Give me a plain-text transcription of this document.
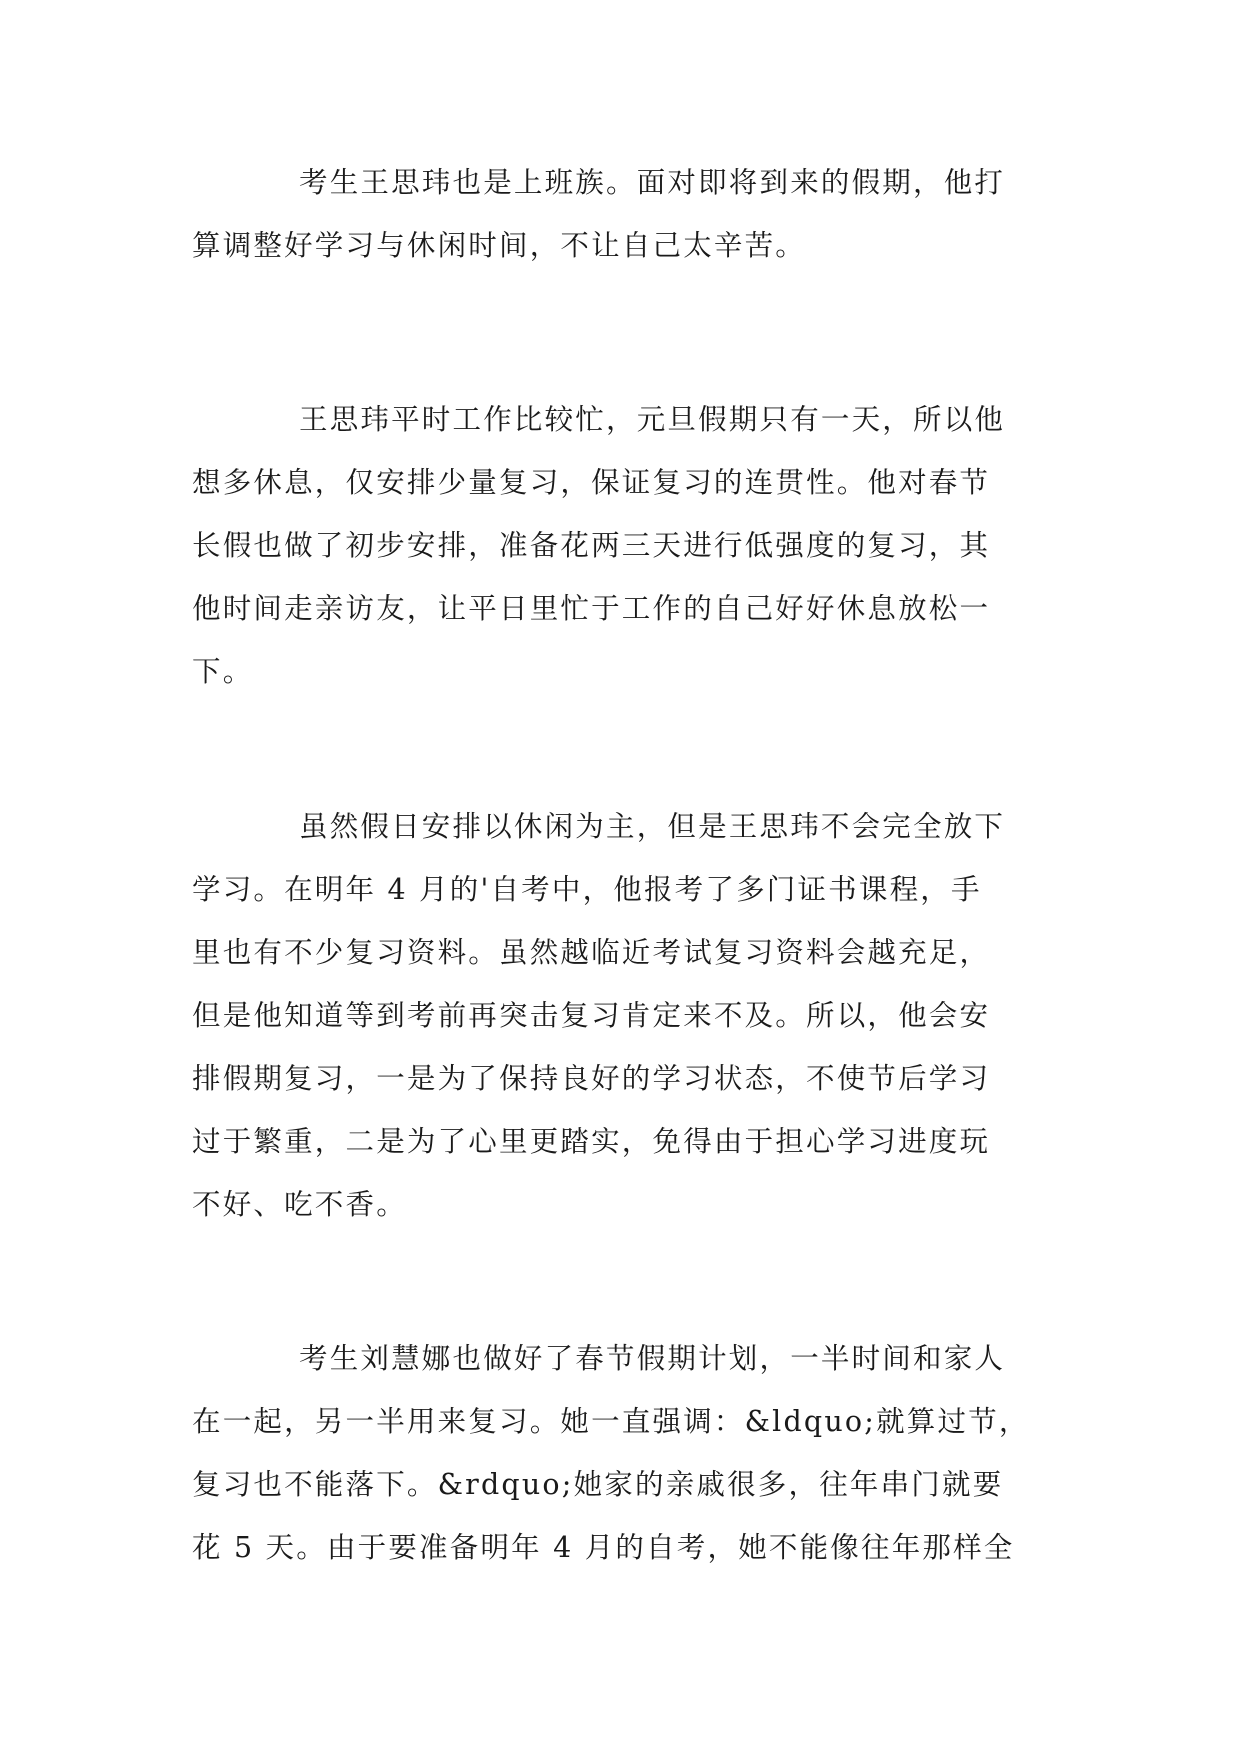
考生王思玮也是上班族。面对即将到来的假期，他打
算调整好学习与休闲时间，不让自己太辛苦。

王思玮平时工作比较忙，元旦假期只有一天，所以他
想多休息，仅安排少量复习，保证复习的连贯性。他对春节
长假也做了初步安排，准备花两三天进行低强度的复习，其
他时间走亲访友，让平日里忙于工作的自己好好休息放松一
下。

虽然假日安排以休闲为主，但是王思玮不会完全放下
学习。在明年 4 月的'自考中，他报考了多门证书课程，手
里也有不少复习资料。虽然越临近考试复习资料会越充足，
但是他知道等到考前再突击复习肯定来不及。所以，他会安
排假期复习，一是为了保持良好的学习状态，不使节后学习
过于繁重，二是为了心里更踏实，免得由于担心学习进度玩
不好、吃不香。

考生刘慧娜也做好了春节假期计划，一半时间和家人
在一起，另一半用来复习。她一直强调：&ldquo;就算过节，
复习也不能落下。&rdquo;她家的亲戚很多，往年串门就要
花 5 天。由于要准备明年 4 月的自考，她不能像往年那样全
